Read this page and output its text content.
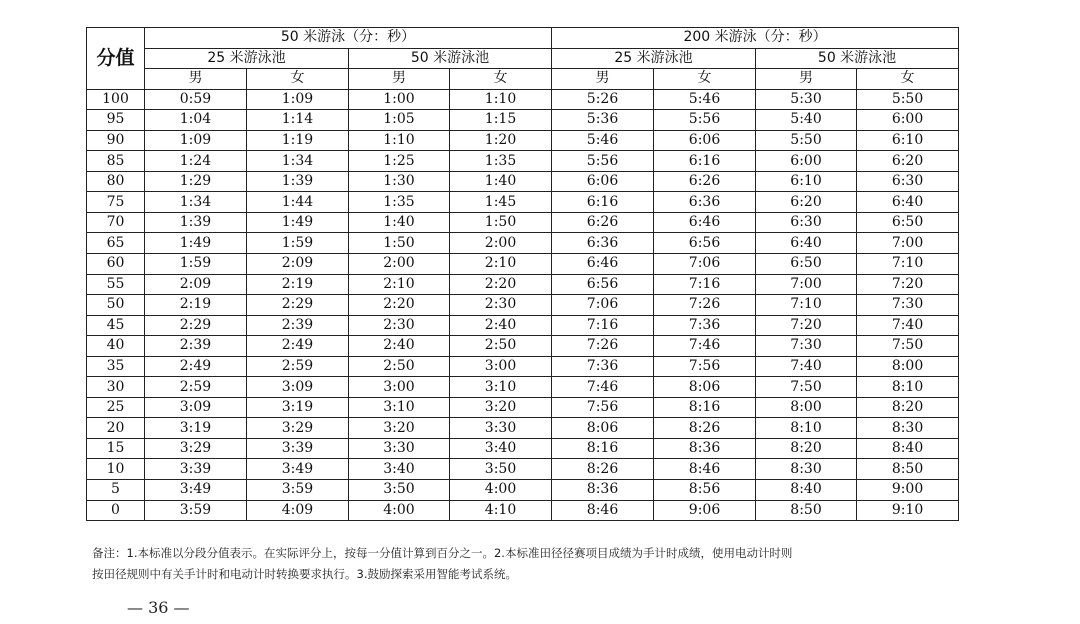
分值	50 米游泳（分：秒）				200 米游泳（分：秒）			
	25 米游泳池		50 米游泳池		25 米游泳池		50 米游泳池	
	男	女	男	女	男	女	男	女
100	0:59	1:09	1:00	1:10	5:26	5:46	5:30	5:50
95	1:04	1:14	1:05	1:15	5:36	5:56	5:40	6:00
90	1:09	1:19	1:10	1:20	5:46	6:06	5:50	6:10
85	1:24	1:34	1:25	1:35	5:56	6:16	6:00	6:20
80	1:29	1:39	1:30	1:40	6:06	6:26	6:10	6:30
75	1:34	1:44	1:35	1:45	6:16	6:36	6:20	6:40
70	1:39	1:49	1:40	1:50	6:26	6:46	6:30	6:50
65	1:49	1:59	1:50	2:00	6:36	6:56	6:40	7:00
60	1:59	2:09	2:00	2:10	6:46	7:06	6:50	7:10
55	2:09	2:19	2:10	2:20	6:56	7:16	7:00	7:20
50	2:19	2:29	2:20	2:30	7:06	7:26	7:10	7:30
45	2:29	2:39	2:30	2:40	7:16	7:36	7:20	7:40
40	2:39	2:49	2:40	2:50	7:26	7:46	7:30	7:50
35	2:49	2:59	2:50	3:00	7:36	7:56	7:40	8:00
30	2:59	3:09	3:00	3:10	7:46	8:06	7:50	8:10
25	3:09	3:19	3:10	3:20	7:56	8:16	8:00	8:20
20	3:19	3:29	3:20	3:30	8:06	8:26	8:10	8:30
15	3:29	3:39	3:30	3:40	8:16	8:36	8:20	8:40
10	3:39	3:49	3:40	3:50	8:26	8:46	8:30	8:50
5	3:49	3:59	3:50	4:00	8:36	8:56	8:40	9:00
0	3:59	4:09	4:00	4:10	8:46	9:06	8:50	9:10

备注：1.本标准以分段分值表示。在实际评分上，按每一分值计算到百分之一。2.本标准田径径赛项目成绩为手计时成绩，使用电动计时则
按田径规则中有关手计时和电动计时转换要求执行。3.鼓励探索采用智能考试系统。

— 36 —
